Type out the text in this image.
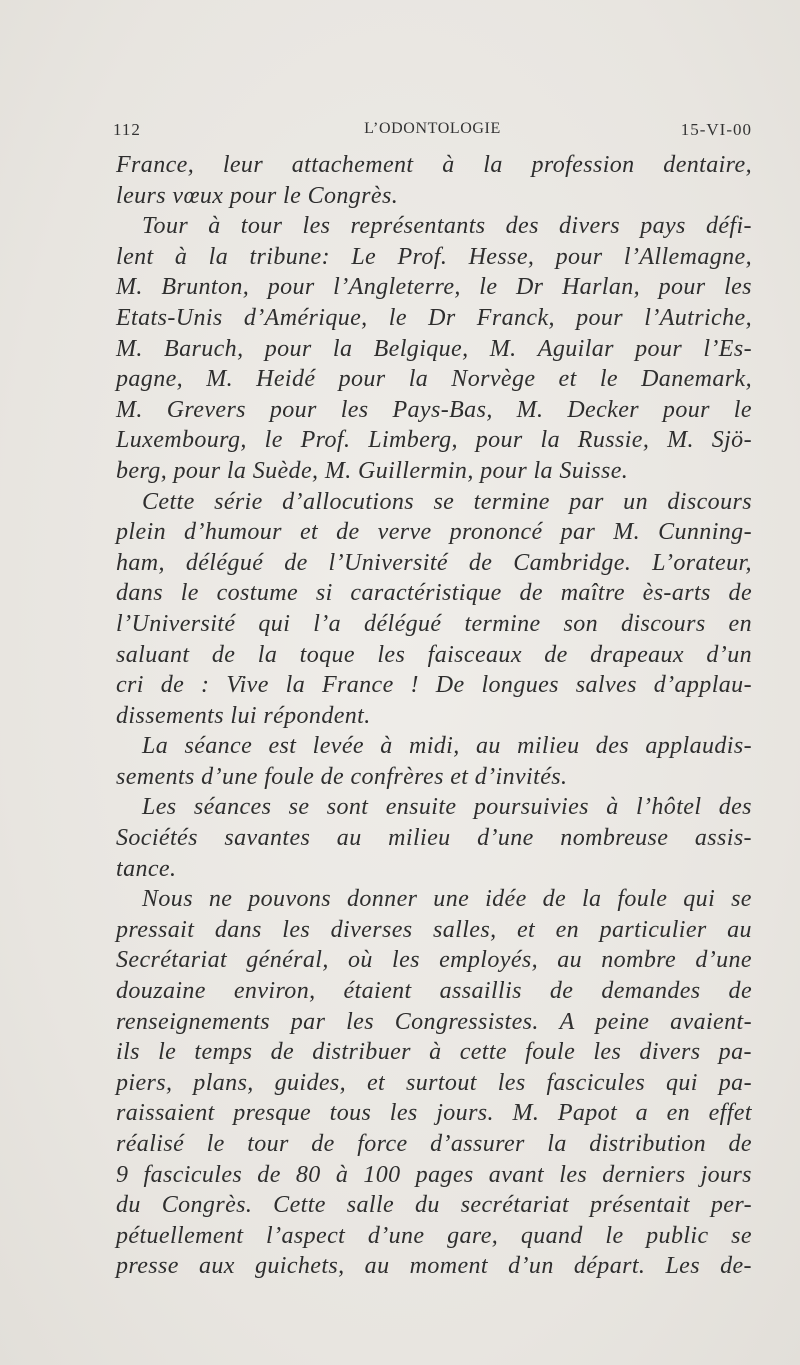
112	L’ODONTOLOGIE	15-VI-00
France, leur attachement à la profession dentaire,
leurs vœux pour le Congrès.
Tour à tour les représentants des divers pays défi-
lent à la tribune: Le Prof. Hesse, pour l’Allemagne,
M. Brunton, pour l’Angleterre, le Dr Harlan, pour les
Etats-Unis d’Amérique, le Dr Franck, pour l’Autriche,
M. Baruch, pour la Belgique, M. Aguilar pour l’Es-
pagne, M. Heidé pour la Norvège et le Danemark,
M. Grevers pour les Pays-Bas, M. Decker pour le
Luxembourg, le Prof. Limberg, pour la Russie, M. Sjö-
berg, pour la Suède, M. Guillermin, pour la Suisse.
Cette série d’allocutions se termine par un discours
plein d’humour et de verve prononcé par M. Cunning-
ham, délégué de l’Université de Cambridge. L’orateur,
dans le costume si caractéristique de maître ès-arts de
l’Université qui l’a délégué termine son discours en
saluant de la toque les faisceaux de drapeaux d’un
cri de : Vive la France ! De longues salves d’applau-
dissements lui répondent.
La séance est levée à midi, au milieu des applaudis-
sements d’une foule de confrères et d’invités.
Les séances se sont ensuite poursuivies à l’hôtel des
Sociétés savantes au milieu d’une nombreuse assis-
tance.
Nous ne pouvons donner une idée de la foule qui se
pressait dans les diverses salles, et en particulier au
Secrétariat général, où les employés, au nombre d’une
douzaine environ, étaient assaillis de demandes de
renseignements par les Congressistes. A peine avaient-
ils le temps de distribuer à cette foule les divers pa-
piers, plans, guides, et surtout les fascicules qui pa-
raissaient presque tous les jours. M. Papot a en effet
réalisé le tour de force d’assurer la distribution de
9 fascicules de 80 à 100 pages avant les derniers jours
du Congrès. Cette salle du secrétariat présentait per-
pétuellement l’aspect d’une gare, quand le public se
presse aux guichets, au moment d’un départ. Les de-
